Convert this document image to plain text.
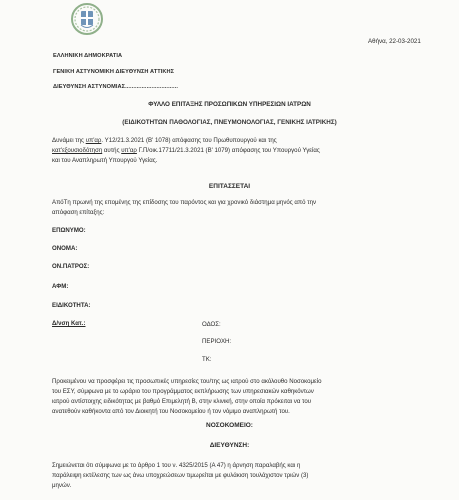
Αθήνα, 22-03-2021
ΕΛΛΗΝΙΚΗ ΔΗΜΟΚΡΑΤΙΑ
ΓΕΝΙΚΗ ΑΣΤΥΝΟΜΙΚΗ ΔΙΕΥΘΥΝΣΗ ΑΤΤΙΚΗΣ
ΔΙΕΥΘΥΝΣΗ ΑΣΤΥΝΟΜΙΑΣ................................
ΦΥΛΛΟ ΕΠΙΤΑΞΗΣ ΠΡΟΣΩΠΙΚΩΝ ΥΠΗΡΕΣΙΩΝ ΙΑΤΡΩΝ
(ΕΙΔΙΚΟΤΗΤΩΝ ΠΑΘΟΛΟΓΙΑΣ, ΠΝΕΥΜΟΝΟΛΟΓΙΑΣ, ΓΕΝΙΚΗΣ ΙΑΤΡΙΚΗΣ)
Δυνάμει της υπ'αρ. Υ12/21.3.2021 (Β' 1078) απόφασης του Πρωθυπουργού και της
κατ'εξουσιοδότηση αυτής υπ'αρ Γ.Π/οικ.17711/21.3.2021 (Β' 1079) απόφασης του Υπουργού Υγείας
και του Αναπληρωτή Υπουργού Υγείας.
ΕΠΙΤΑΣΣΕΤΑΙ
ΑπόTη πρωινή της επομένης της επίδοσης του παρόντος και για χρονικό διάστημα μηνός από την
απόφαση επίταξης:
ΕΠΩΝΥΜΟ:
ΟΝΟΜΑ:
ΟΝ.ΠΑΤΡΟΣ:
ΑΦΜ:
ΕΙΔΙΚΟΤΗΤΑ:
Δ/νση Κατ.:	ΟΔΟΣ:
ΠΕΡΙΟΧΗ:
ΤΚ:
Προκειμένου να προσφέρει τις προσωπικές υπηρεσίες του/της ως ιατρού στο ακόλουθο Νοσοκομείο
του ΕΣΥ, σύμφωνα με το ωράριο του προγράμματος εκπλήρωσης των υπηρεσιακών καθηκόντων
ιατρού αντίστοιχης ειδικότητας με βαθμό Επιμελητή Β, στην κλινική, στην οποία πρόκειται να του
ανατεθούν καθήκοντα από τον Διοικητή του Νοσοκομείου ή τον νόμιμο αναπληρωτή του.
ΝΟΣΟΚΟΜΕΙΟ:
ΔΙΕΥΘΥΝΣΗ:
Σημειώνεται ότι σύμφωνα με το άρθρο 1 του ν. 4325/2015 (Α 47) η άρνηση παραλαβής και η
παράλειψη εκτέλεσης των ως άνω υποχρεώσεων τιμωρείται με φυλάκιση τουλάχιστον τριών (3)
μηνών.
